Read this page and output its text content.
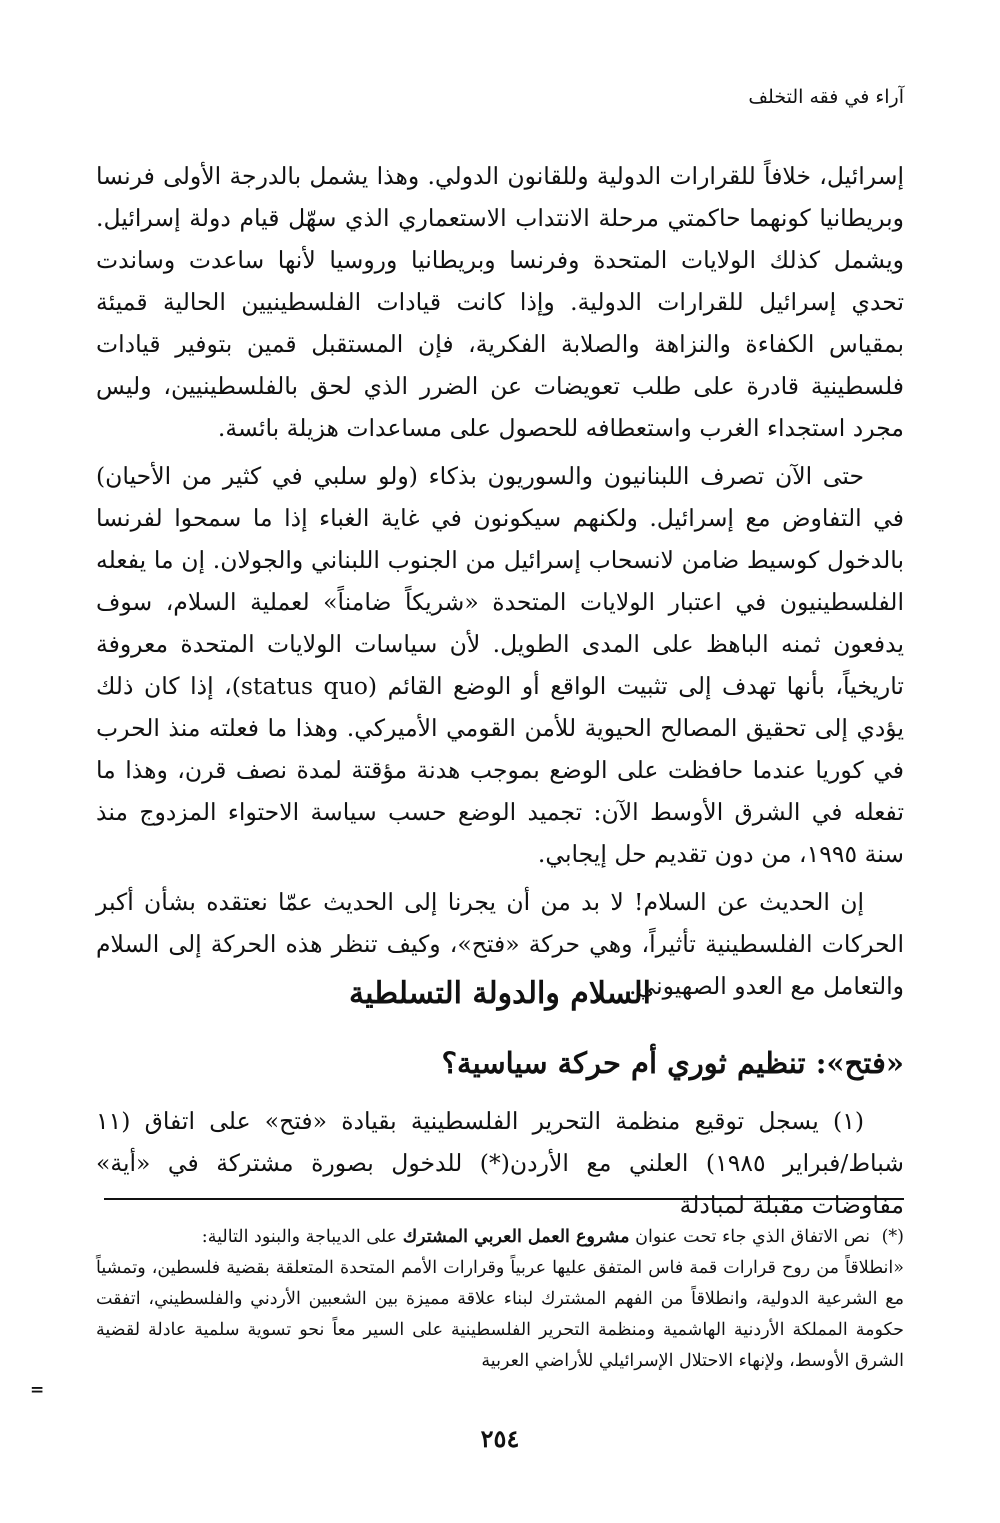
آراء في فقه التخلف

إسرائيل، خلافاً للقرارات الدولية وللقانون الدولي. وهذا يشمل بالدرجة الأولى فرنسا وبريطانيا كونهما حاكمتي مرحلة الانتداب الاستعماري الذي سهّل قيام دولة إسرائيل. ويشمل كذلك الولايات المتحدة وفرنسا وبريطانيا وروسيا لأنها ساعدت وساندت تحدي إسرائيل للقرارات الدولية. وإذا كانت قيادات الفلسطينيين الحالية قميئة بمقياس الكفاءة والنزاهة والصلابة الفكرية، فإن المستقبل قمين بتوفير قيادات فلسطينية قادرة على طلب تعويضات عن الضرر الذي لحق بالفلسطينيين، وليس مجرد استجداء الغرب واستعطافه للحصول على مساعدات هزيلة بائسة.

حتى الآن تصرف اللبنانيون والسوريون بذكاء (ولو سلبي في كثير من الأحيان) في التفاوض مع إسرائيل. ولكنهم سيكونون في غاية الغباء إذا ما سمحوا لفرنسا بالدخول كوسيط ضامن لانسحاب إسرائيل من الجنوب اللبناني والجولان. إن ما يفعله الفلسطينيون في اعتبار الولايات المتحدة «شريكاً ضامناً» لعملية السلام، سوف يدفعون ثمنه الباهظ على المدى الطويل. لأن سياسات الولايات المتحدة معروفة تاريخياً، بأنها تهدف إلى تثبيت الواقع أو الوضع القائم (status quo)، إذا كان ذلك يؤدي إلى تحقيق المصالح الحيوية للأمن القومي الأميركي. وهذا ما فعلته منذ الحرب في كوريا عندما حافظت على الوضع بموجب هدنة مؤقتة لمدة نصف قرن، وهذا ما تفعله في الشرق الأوسط الآن: تجميد الوضع حسب سياسة الاحتواء المزدوج منذ سنة ١٩٩٥، من دون تقديم حل إيجابي.

إن الحديث عن السلام! لا بد من أن يجرنا إلى الحديث عمّا نعتقده بشأن أكبر الحركات الفلسطينية تأثيراً، وهي حركة «فتح»، وكيف تنظر هذه الحركة إلى السلام والتعامل مع العدو الصهيوني.

السلام والدولة التسلطية
«فتح»: تنظيم ثوري أم حركة سياسية؟

(١) يسجل توقيع منظمة التحرير الفلسطينية بقيادة «فتح» على اتفاق (١١ شباط/فبراير ١٩٨٥) العلني مع الأردن(*) للدخول بصورة مشتركة في «أية» مفاوضات مقبلة لمبادلة

(*) نص الاتفاق الذي جاء تحت عنوان مشروع العمل العربي المشترك على الديباجة والبنود التالية:

«انطلاقاً من روح قرارات قمة فاس المتفق عليها عربياً وقرارات الأمم المتحدة المتعلقة بقضية فلسطين، وتمشياً مع الشرعية الدولية، وانطلاقاً من الفهم المشترك لبناء علاقة مميزة بين الشعبين الأردني والفلسطيني، اتفقت حكومة المملكة الأردنية الهاشمية ومنظمة التحرير الفلسطينية على السير معاً نحو تسوية سلمية عادلة لقضية الشرق الأوسط، ولإنهاء الاحتلال الإسرائيلي للأراضي العربية

=
٢٥٤
